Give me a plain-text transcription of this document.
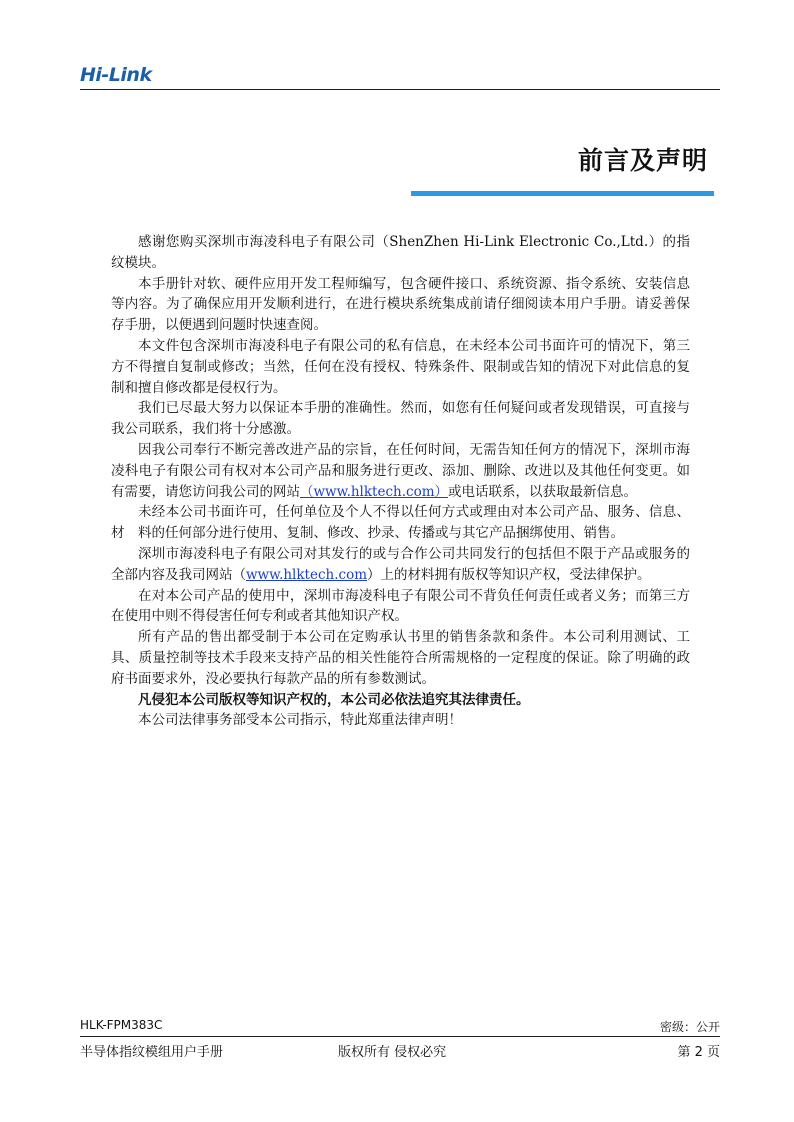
Hi-Link
前言及声明

感谢您购买深圳市海凌科电子有限公司（ShenZhen Hi-Link Electronic Co.,Ltd.）的指纹模块。

本手册针对软、硬件应用开发工程师编写，包含硬件接口、系统资源、指令系统、安装信息等内容。为了确保应用开发顺利进行，在进行模块系统集成前请仔细阅读本用户手册。请妥善保存手册，以便遇到问题时快速查阅。

本文件包含深圳市海凌科电子有限公司的私有信息，在未经本公司书面许可的情况下，第三方不得擅自复制或修改；当然，任何在没有授权、特殊条件、限制或告知的情况下对此信息的复制和擅自修改都是侵权行为。

我们已尽最大努力以保证本手册的准确性。然而，如您有任何疑问或者发现错误，可直接与我公司联系，我们将十分感激。

因我公司奉行不断完善改进产品的宗旨，在任何时间，无需告知任何方的情况下，深圳市海凌科电子有限公司有权对本公司产品和服务进行更改、添加、删除、改进以及其他任何变更。如有需要，请您访问我公司的网站（www.hlktech.com）或电话联系，以获取最新信息。

未经本公司书面许可，任何单位及个人不得以任何方式或理由对本公司产品、服务、信息、材　料的任何部分进行使用、复制、修改、抄录、传播或与其它产品捆绑使用、销售。

深圳市海凌科电子有限公司对其发行的或与合作公司共同发行的包括但不限于产品或服务的全部内容及我司网站（www.hlktech.com）上的材料拥有版权等知识产权，受法律保护。

在对本公司产品的使用中，深圳市海凌科电子有限公司不背负任何责任或者义务；而第三方在使用中则不得侵害任何专利或者其他知识产权。

所有产品的售出都受制于本公司在定购承认书里的销售条款和条件。本公司利用测试、工具、质量控制等技术手段来支持产品的相关性能符合所需规格的一定程度的保证。除了明确的政府书面要求外，没必要执行每款产品的所有参数测试。

凡侵犯本公司版权等知识产权的，本公司必依法追究其法律责任。

本公司法律事务部受本公司指示，特此郑重法律声明！

HLK-FPM383C	密级：公开
半导体指纹模组用户手册	版权所有 侵权必究	第 2 页
